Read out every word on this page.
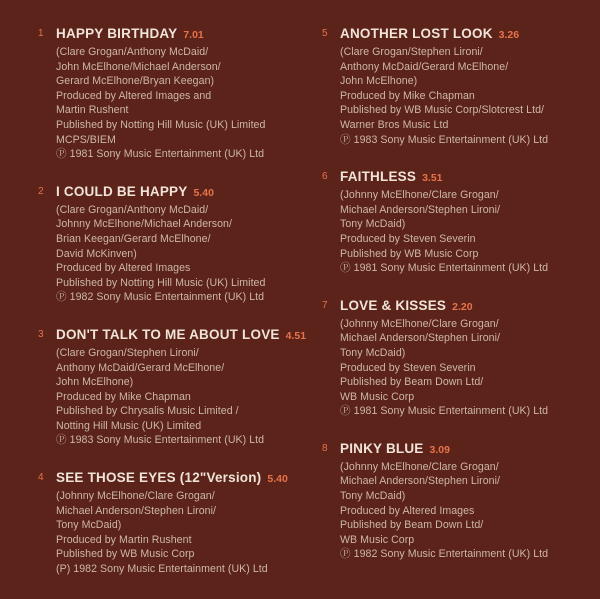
1 HAPPY BIRTHDAY 7.01
(Clare Grogan/Anthony McDaid/
John McElhone/Michael Anderson/
Gerard McElhone/Bryan Keegan)
Produced by Altered Images and
Martin Rushent
Published by Notting Hill Music (UK) Limited
MCPS/BIEM
Ⓟ 1981 Sony Music Entertainment (UK) Ltd
2 I COULD BE HAPPY 5.40
(Clare Grogan/Anthony McDaid/
Johnny McElhone/Michael Anderson/
Brian Keegan/Gerard McElhone/
David McKinven)
Produced by Altered Images
Published by Notting Hill Music (UK) Limited
Ⓟ 1982 Sony Music Entertainment (UK) Ltd
3 DON'T TALK TO ME ABOUT LOVE 4.51
(Clare Grogan/Stephen Lironi/
Anthony McDaid/Gerard McElhone/
John McElhone)
Produced by Mike Chapman
Published by Chrysalis Music Limited /
Notting Hill Music (UK) Limited
Ⓟ 1983 Sony Music Entertainment (UK) Ltd
4 SEE THOSE EYES (12"Version) 5.40
(Johnny McElhone/Clare Grogan/
Michael Anderson/Stephen Lironi/
Tony McDaid)
Produced by Martin Rushent
Published by WB Music Corp
(P) 1982 Sony Music Entertainment (UK) Ltd
5 ANOTHER LOST LOOK 3.26
(Clare Grogan/Stephen Lironi/
Anthony McDaid/Gerard McElhone/
John McElhone)
Produced by Mike Chapman
Published by WB Music Corp/Slotcrest Ltd/
Warner Bros Music Ltd
Ⓟ 1983 Sony Music Entertainment (UK) Ltd
6 FAITHLESS 3.51
(Johnny McElhone/Clare Grogan/
Michael Anderson/Stephen Lironi/
Tony McDaid)
Produced by Steven Severin
Published by WB Music Corp
Ⓟ 1981 Sony Music Entertainment (UK) Ltd
7 LOVE & KISSES 2.20
(Johnny McElhone/Clare Grogan/
Michael Anderson/Stephen Lironi/
Tony McDaid)
Produced by Steven Severin
Published by Beam Down Ltd/
WB Music Corp
Ⓟ 1981 Sony Music Entertainment (UK) Ltd
8 PINKY BLUE 3.09
(Johnny McElhone/Clare Grogan/
Michael Anderson/Stephen Lironi/
Tony McDaid)
Produced by Altered Images
Published by Beam Down Ltd/
WB Music Corp
Ⓟ 1982 Sony Music Entertainment (UK) Ltd
